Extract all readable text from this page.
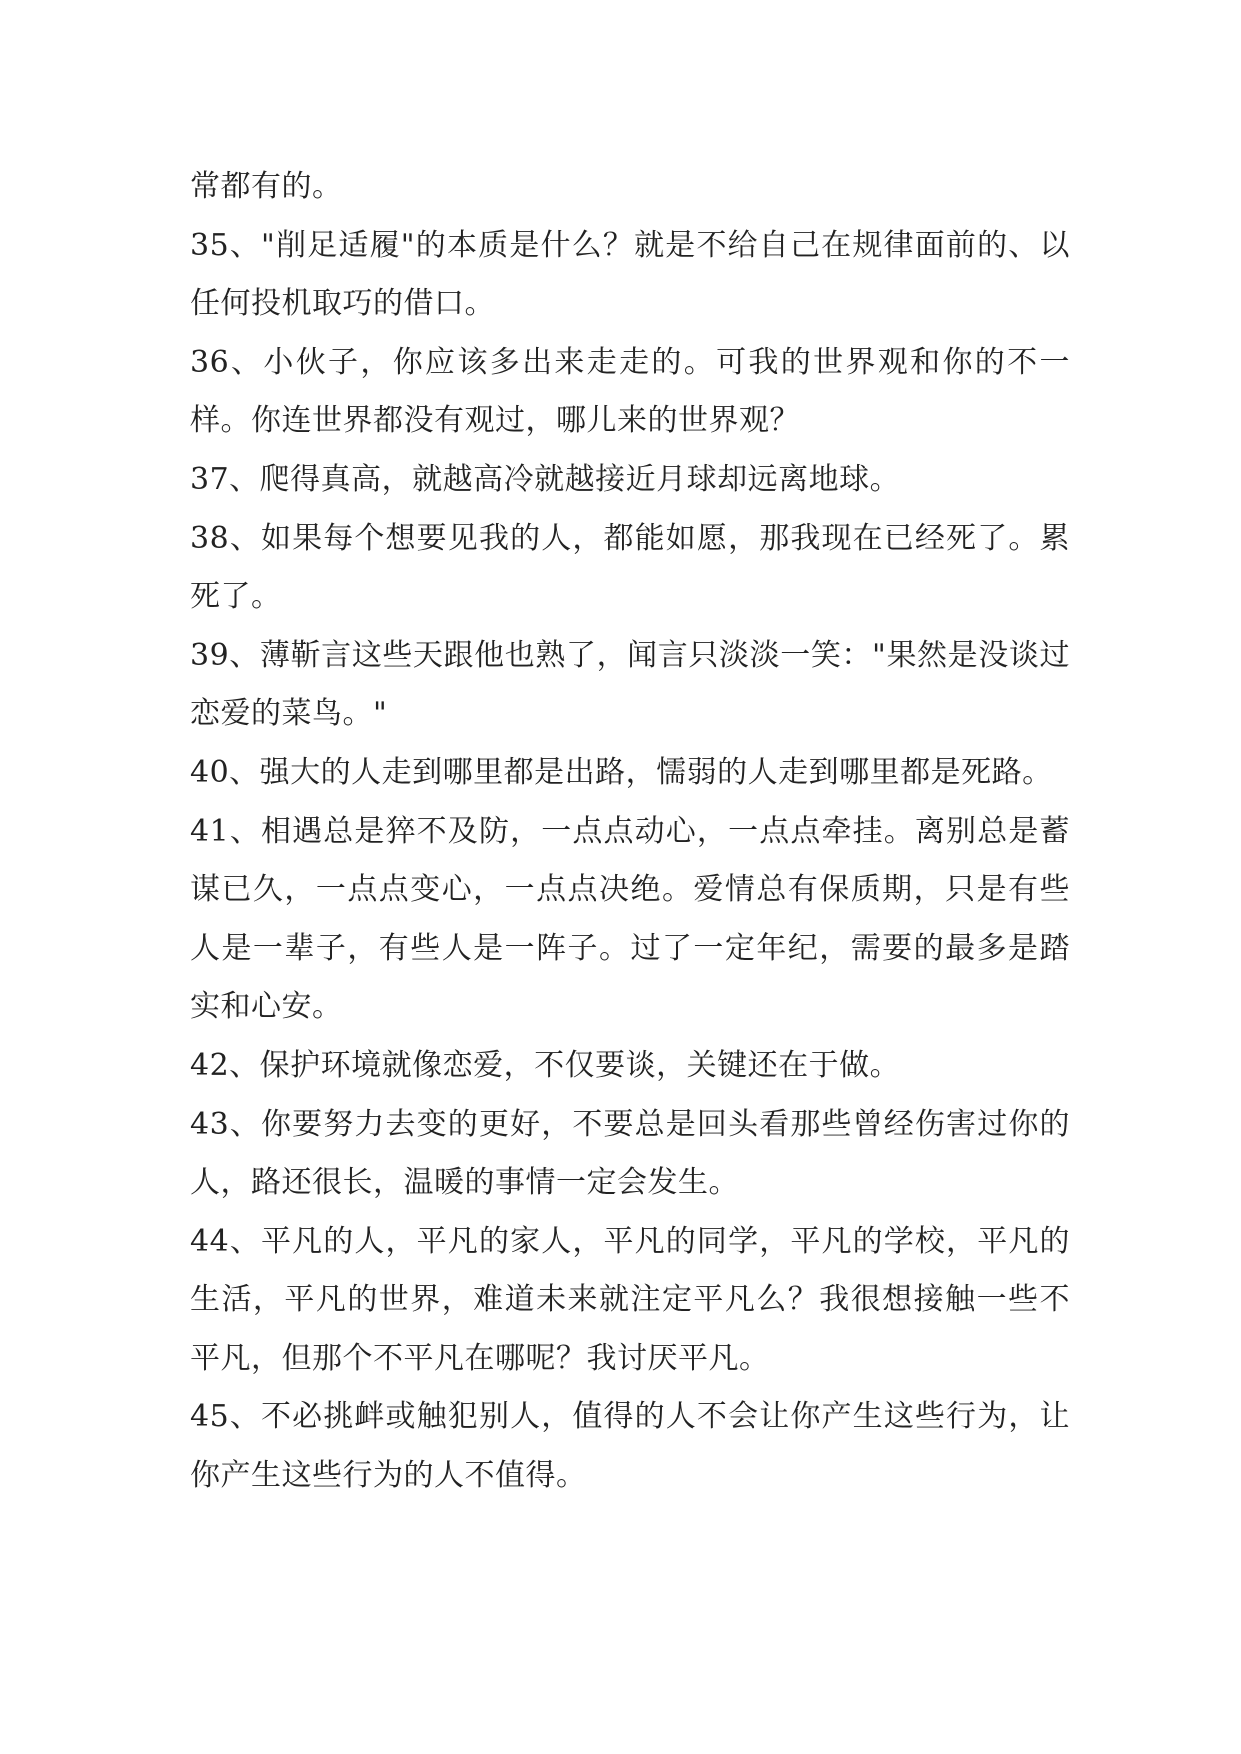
常都有的。

35、"削足适履"的本质是什么？就是不给自己在规律面前的、以任何投机取巧的借口。

36、小伙子，你应该多出来走走的。可我的世界观和你的不一样。你连世界都没有观过，哪儿来的世界观？

37、爬得真高，就越高冷就越接近月球却远离地球。

38、如果每个想要见我的人，都能如愿，那我现在已经死了。累死了。

39、薄靳言这些天跟他也熟了，闻言只淡淡一笑："果然是没谈过恋爱的菜鸟。"

40、强大的人走到哪里都是出路，懦弱的人走到哪里都是死路。

41、相遇总是猝不及防，一点点动心，一点点牵挂。离别总是蓄谋已久，一点点变心，一点点决绝。爱情总有保质期，只是有些人是一辈子，有些人是一阵子。过了一定年纪，需要的最多是踏实和心安。

42、保护环境就像恋爱，不仅要谈，关键还在于做。

43、你要努力去变的更好，不要总是回头看那些曾经伤害过你的人，路还很长，温暖的事情一定会发生。

44、平凡的人，平凡的家人，平凡的同学，平凡的学校，平凡的生活，平凡的世界，难道未来就注定平凡么？我很想接触一些不平凡，但那个不平凡在哪呢？我讨厌平凡。

45、不必挑衅或触犯别人，值得的人不会让你产生这些行为，让你产生这些行为的人不值得。
